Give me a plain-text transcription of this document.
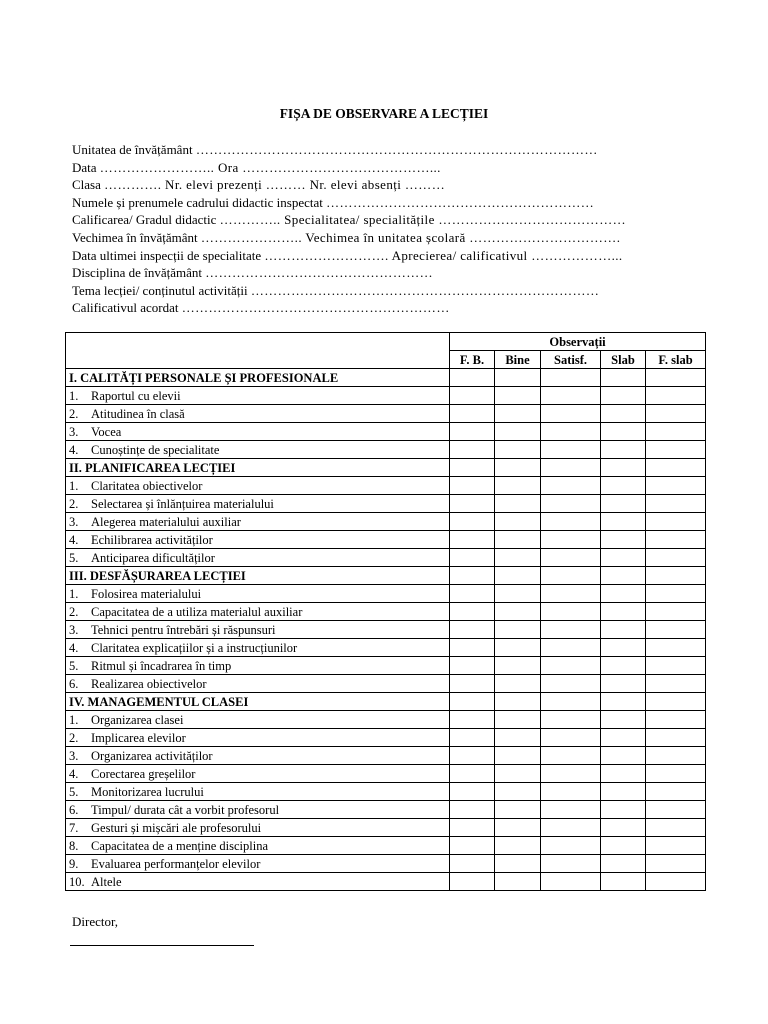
FIȘA DE OBSERVARE A LECȚIEI
Unitatea de învățământ ………………………………………………………………………………
Data …………………….. Ora ……………………………………...
Clasa …………. Nr. elevi prezenți ……… Nr. elevi absenți ………
Numele și prenumele cadrului didactic inspectat ……………………………………………………
Calificarea/ Gradul didactic ………….. Specialitatea/ specialitățile ……………………………………
Vechimea în învățământ ………………….. Vechimea în unitatea școlară …………………………….
Data ultimei inspecții de specialitate ………………………. Aprecierea/ calificativul ………………...
Disciplina de învățământ ……………………………………………
Tema lecției/ conținutul activității ……………………………………………………………………
Calificativul acordat ……………………………………………………
	Observații				
	F. B.	Bine	Satisf.	Slab	F. slab
I. CALITĂȚI PERSONALE ȘI PROFESIONALE					
1. Raportul cu elevii					
2. Atitudinea în clasă					
3. Vocea					
4. Cunoștințe de specialitate					
II. PLANIFICAREA LECȚIEI					
1. Claritatea obiectivelor					
2. Selectarea și înlănțuirea materialului					
3. Alegerea materialului auxiliar					
4. Echilibrarea activităților					
5. Anticiparea dificultăților					
III. DESFĂȘURAREA LECȚIEI					
1. Folosirea materialului					
2. Capacitatea de a utiliza materialul auxiliar					
3. Tehnici pentru întrebări și răspunsuri					
4. Claritatea explicațiilor și a instrucțiunilor					
5. Ritmul și încadrarea în timp					
6. Realizarea obiectivelor					
IV. MANAGEMENTUL CLASEI					
1. Organizarea clasei					
2. Implicarea elevilor					
3. Organizarea activităților					
4. Corectarea greșelilor					
5. Monitorizarea lucrului					
6. Timpul/ durata cât a vorbit profesorul					
7. Gesturi și mișcări ale profesorului					
8. Capacitatea de a menține disciplina					
9. Evaluarea performanțelor elevilor					
10. Altele					
Director,
